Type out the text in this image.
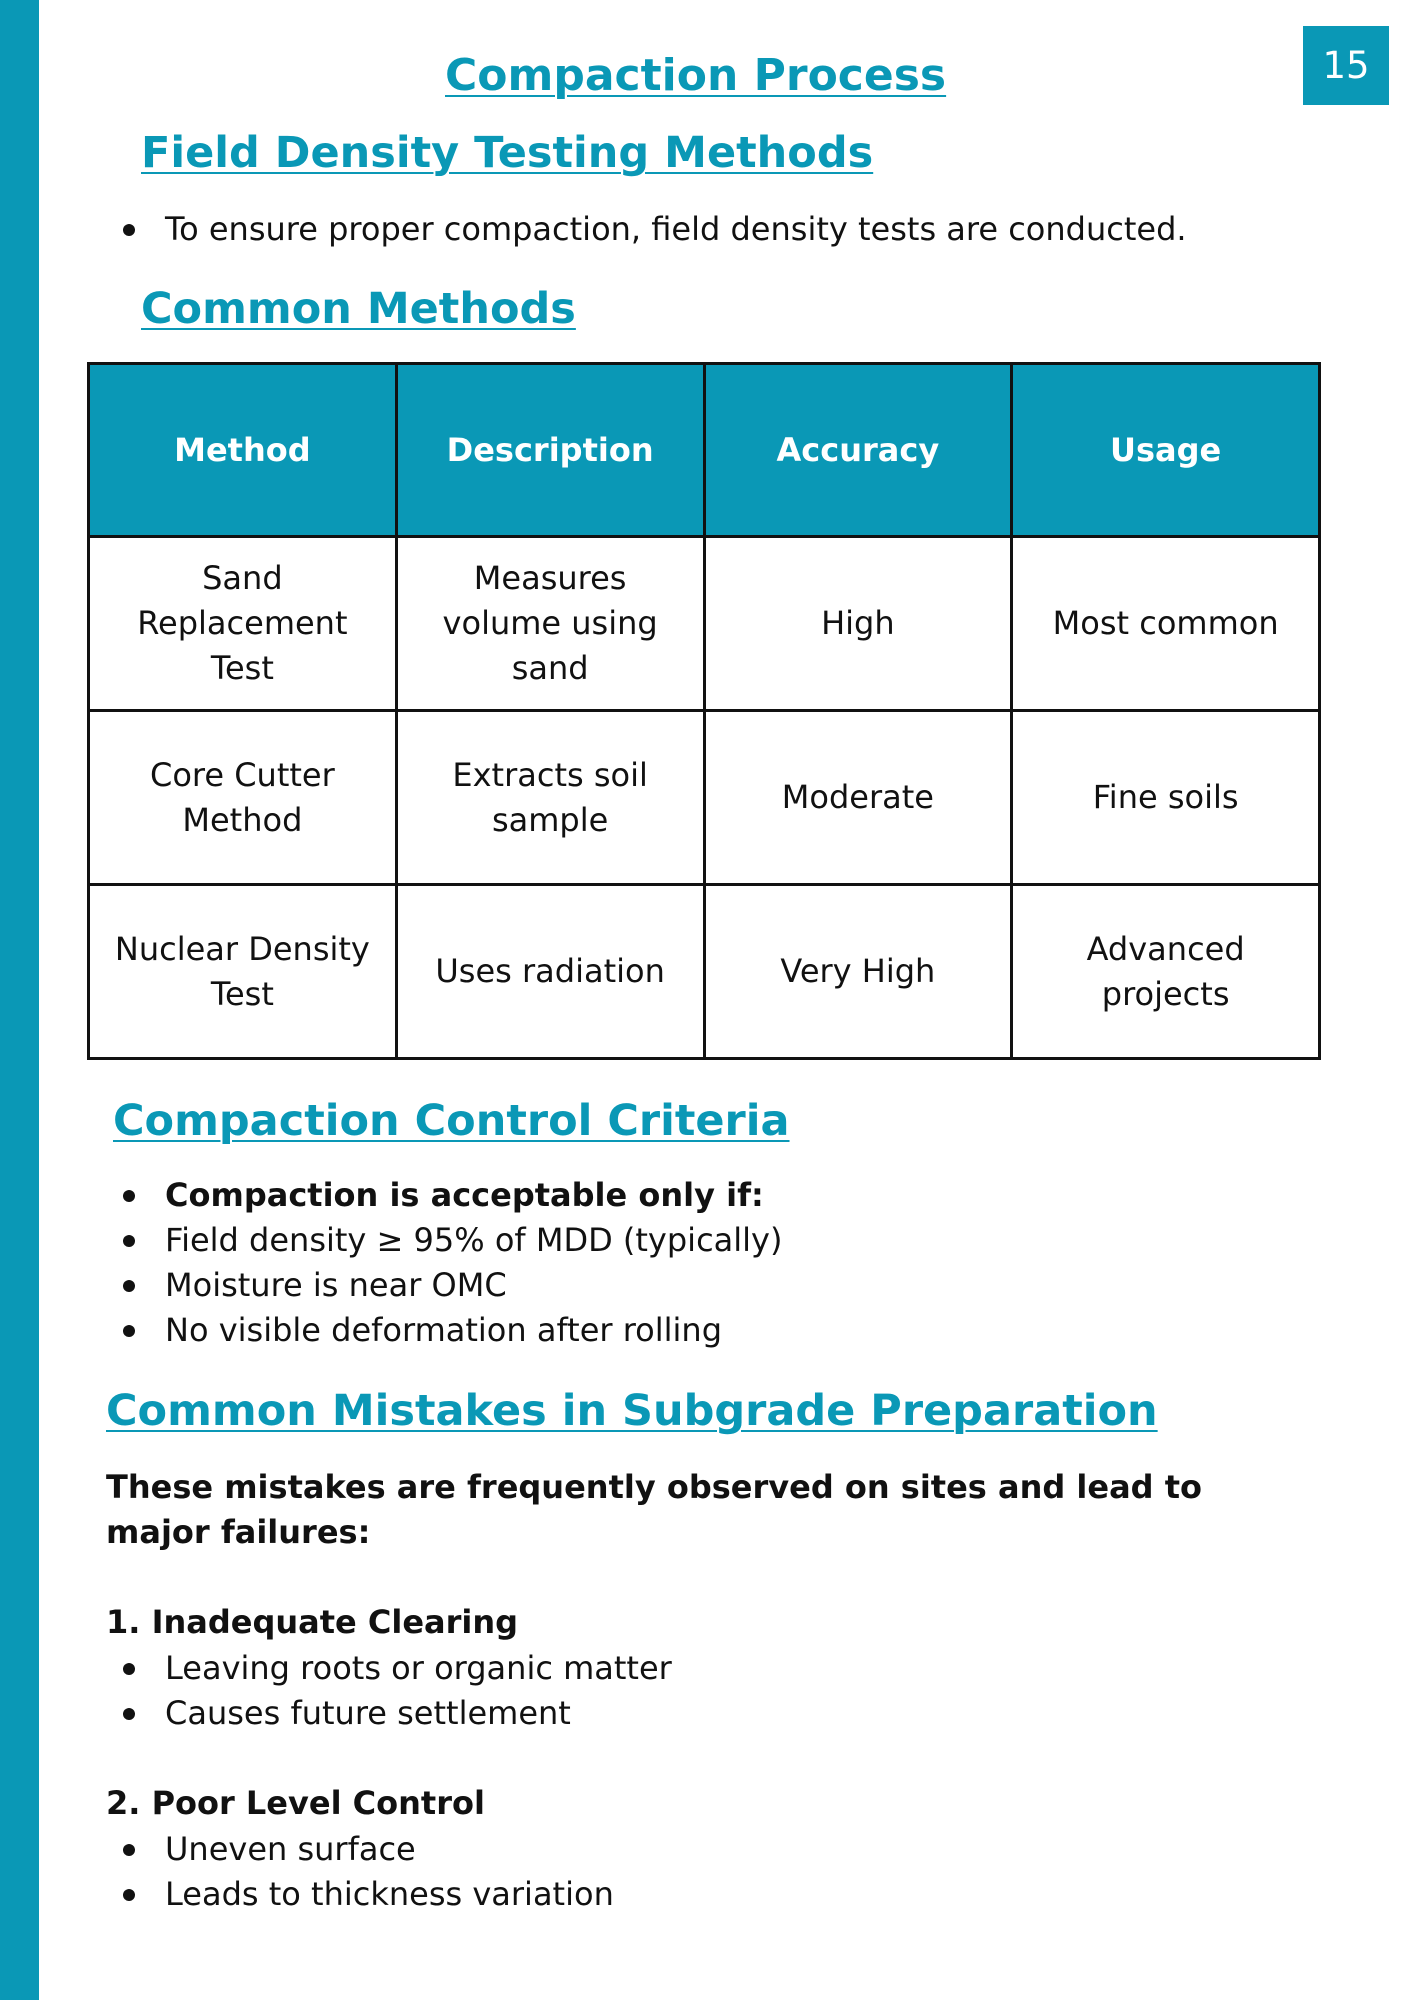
15
Compaction Process
Field Density Testing Methods
To ensure proper compaction, field density tests are conducted.
Common Methods
Method	Description	Accuracy	Usage
Sand Replacement Test	Measures volume using sand	High	Most common
Core Cutter Method	Extracts soil sample	Moderate	Fine soils
Nuclear Density Test	Uses radiation	Very High	Advanced projects
Compaction Control Criteria
Compaction is acceptable only if:
Field density ≥ 95% of MDD (typically)
Moisture is near OMC
No visible deformation after rolling
Common Mistakes in Subgrade Preparation

These mistakes are frequently observed on sites and lead to major failures:

1. Inadequate Clearing

Leaving roots or organic matter
Causes future settlement

2. Poor Level Control

Uneven surface
Leads to thickness variation
